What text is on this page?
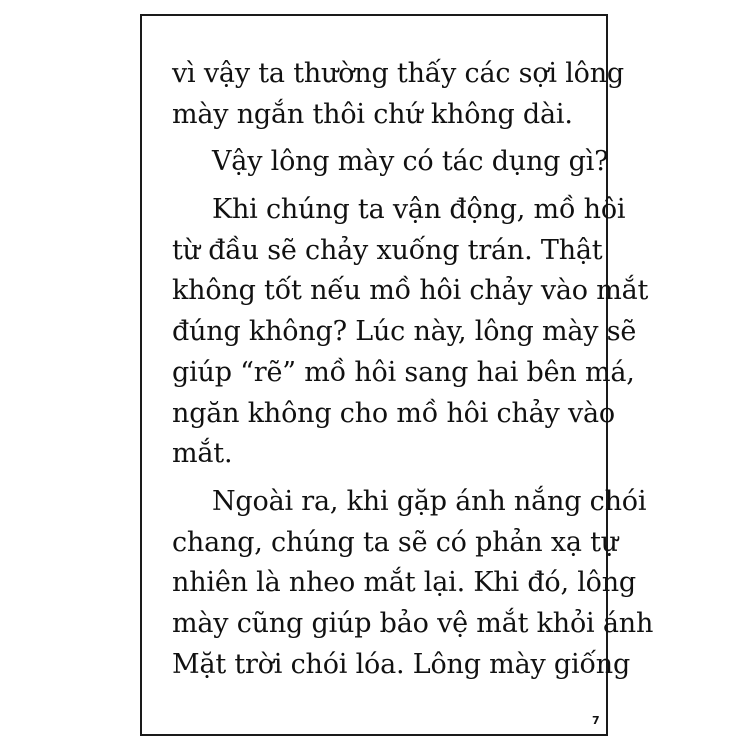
vì vậy ta thường thấy các sợi lông
mày ngắn thôi chứ không dài.
Vậy lông mày có tác dụng gì?
Khi chúng ta vận động, mồ hôi
từ đầu sẽ chảy xuống trán. Thật
không tốt nếu mồ hôi chảy vào mắt
đúng không? Lúc này, lông mày sẽ
giúp “rẽ” mồ hôi sang hai bên má,
ngăn không cho mồ hôi chảy vào
mắt.
Ngoài ra, khi gặp ánh nắng chói
chang, chúng ta sẽ có phản xạ tự
nhiên là nheo mắt lại. Khi đó, lông
mày cũng giúp bảo vệ mắt khỏi ánh
Mặt trời chói lóa. Lông mày giống
7
